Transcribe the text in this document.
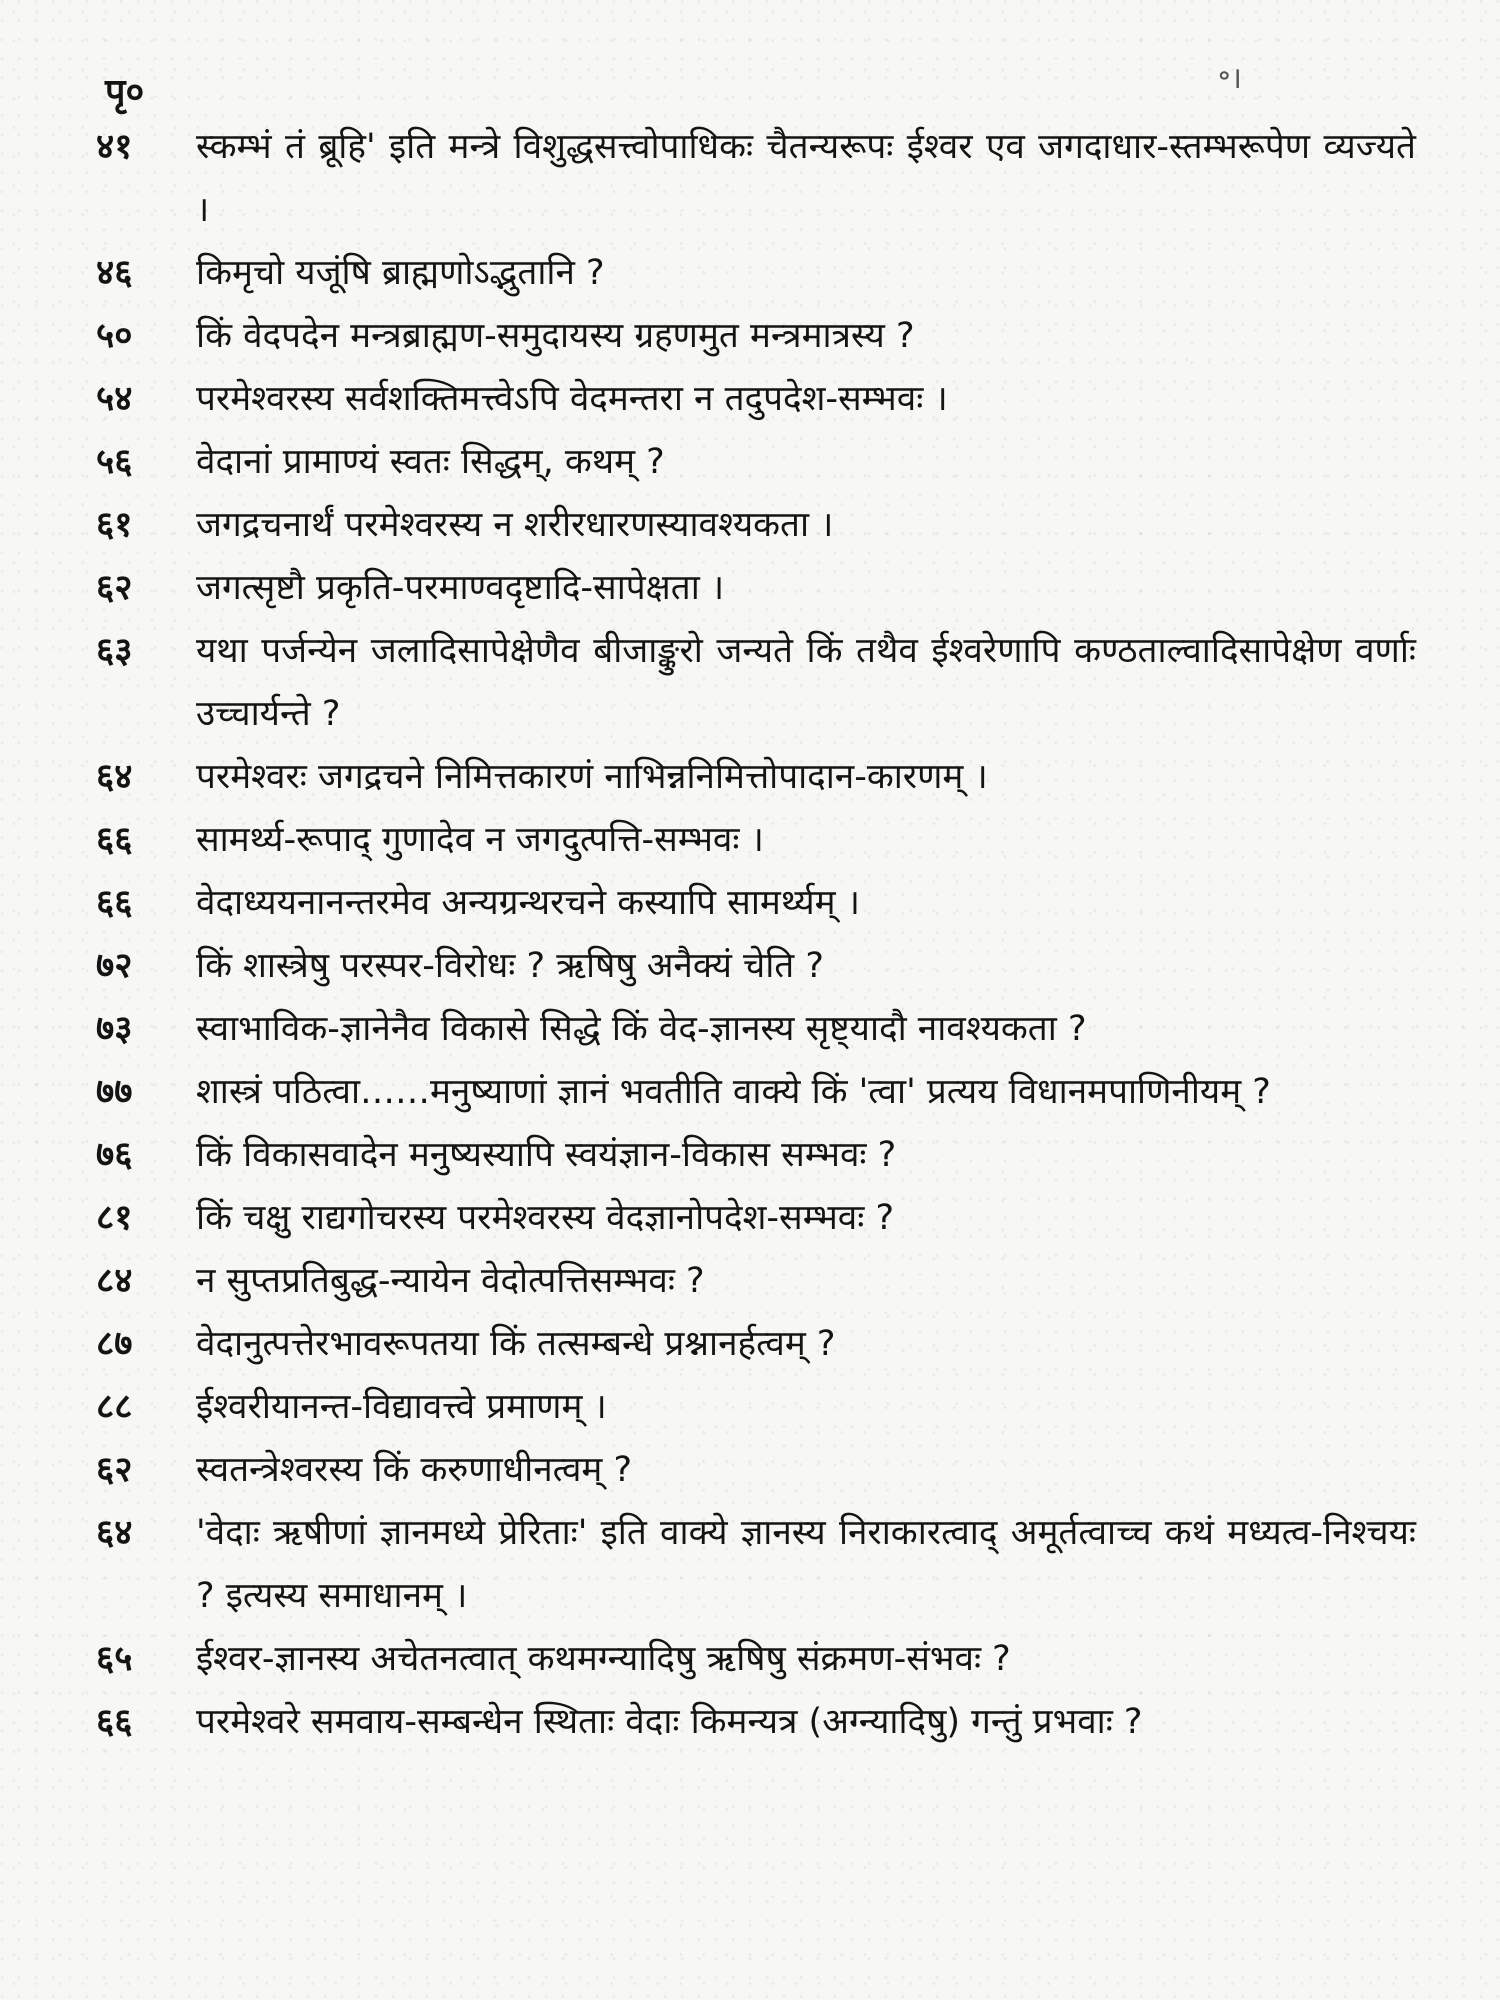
पृ०	॰।
४१	स्कम्भं तं ब्रूहि' इति मन्त्रे विशुद्धसत्त्वोपाधिकः चैतन्यरूपः ईश्वर एव जगदाधार-स्तम्भरूपेण व्यज्यते ।
४६	किमृचो यजूंषि ब्राह्मणोऽद्भुतानि ?
५०	किं वेदपदेन मन्त्रब्राह्मण-समुदायस्य ग्रहणमुत मन्त्रमात्रस्य ?
५४	परमेश्वरस्य सर्वशक्तिमत्त्वेऽपि वेदमन्तरा न तदुपदेश-सम्भवः ।
५६	वेदानां प्रामाण्यं स्वतः सिद्धम्, कथम् ?
६१	जगद्रचनार्थं परमेश्वरस्य न शरीरधारणस्यावश्यकता ।
६२	जगत्सृष्टौ प्रकृति-परमाण्वदृष्टादि-सापेक्षता ।
६३	यथा पर्जन्येन जलादिसापेक्षेणैव बीजाङ्कुरो जन्यते किं तथैव ईश्वरेणापि कण्ठताल्वादिसापेक्षेण वर्णाः उच्चार्यन्ते ?
६४	परमेश्वरः जगद्रचने निमित्तकारणं नाभिन्ननिमित्तोपादान-कारणम् ।
६६	सामर्थ्य-रूपाद् गुणादेव न जगदुत्पत्ति-सम्भवः ।
६६	वेदाध्ययनानन्तरमेव अन्यग्रन्थरचने कस्यापि सामर्थ्यम् ।
७२	किं शास्त्रेषु परस्पर-विरोधः ? ऋषिषु अनैक्यं चेति ?
७३	स्वाभाविक-ज्ञानेनैव विकासे सिद्धे किं वेद-ज्ञानस्य सृष्ट्यादौ नावश्यकता ?
७७	शास्त्रं पठित्वा……मनुष्याणां ज्ञानं भवतीति वाक्ये किं 'त्वा' प्रत्यय विधानमपाणिनीयम् ?
७६	किं विकासवादेन मनुष्यस्यापि स्वयंज्ञान-विकास सम्भवः ?
८१	किं चक्षु राद्यगोचरस्य परमेश्वरस्य वेदज्ञानोपदेश-सम्भवः ?
८४	न सुप्तप्रतिबुद्ध-न्यायेन वेदोत्पत्तिसम्भवः ?
८७	वेदानुत्पत्तेरभावरूपतया किं तत्सम्बन्धे प्रश्नानर्हत्वम् ?
८८	ईश्वरीयानन्त-विद्यावत्त्वे प्रमाणम् ।
६२	स्वतन्त्रेश्वरस्य किं करुणाधीनत्वम् ?
६४	'वेदाः ऋषीणां ज्ञानमध्ये प्रेरिताः' इति वाक्ये ज्ञानस्य निराकारत्वाद् अमूर्तत्वाच्च कथं मध्यत्व-निश्चयः ? इत्यस्य समाधानम् ।
६५	ईश्वर-ज्ञानस्य अचेतनत्वात् कथमग्न्यादिषु ऋषिषु संक्रमण-संभवः ?
६६	परमेश्वरे समवाय-सम्बन्धेन स्थिताः वेदाः किमन्यत्र (अग्न्यादिषु) गन्तुं प्रभवाः ?
